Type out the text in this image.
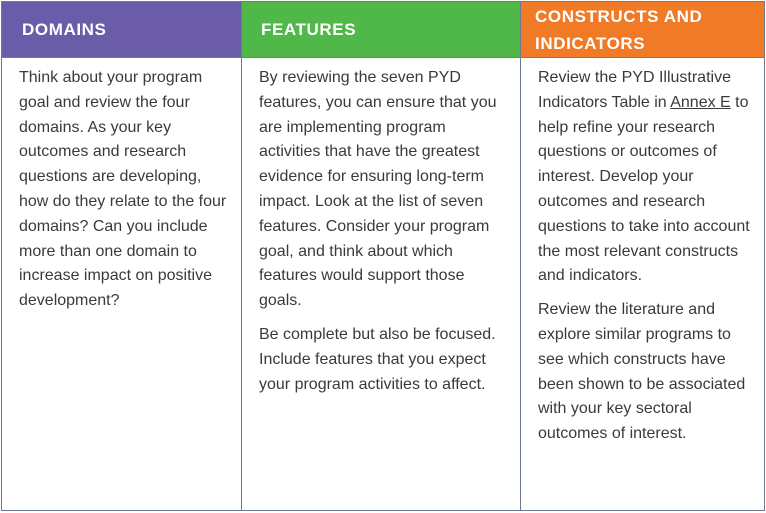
DOMAINS	FEATURES
CONSTRUCTS AND INDICATORS

Think about your program goal and review the four domains. As your key outcomes and research questions are developing, how do they relate to the four domains? Can you include more than one domain to increase impact on positive development?

By reviewing the seven PYD features, you can ensure that you are implementing program activities that have the greatest evidence for ensuring long-term impact. Look at the list of seven features. Consider your program goal, and think about which features would support those goals.

Be complete but also be focused. Include features that you expect your program activities to affect.

Review the PYD Illustrative Indicators Table in Annex E to help refine your research questions or outcomes of interest. Develop your outcomes and research questions to take into account the most relevant constructs and indicators.

Review the literature and explore similar programs to see which constructs have been shown to be associated with your key sectoral outcomes of interest.
